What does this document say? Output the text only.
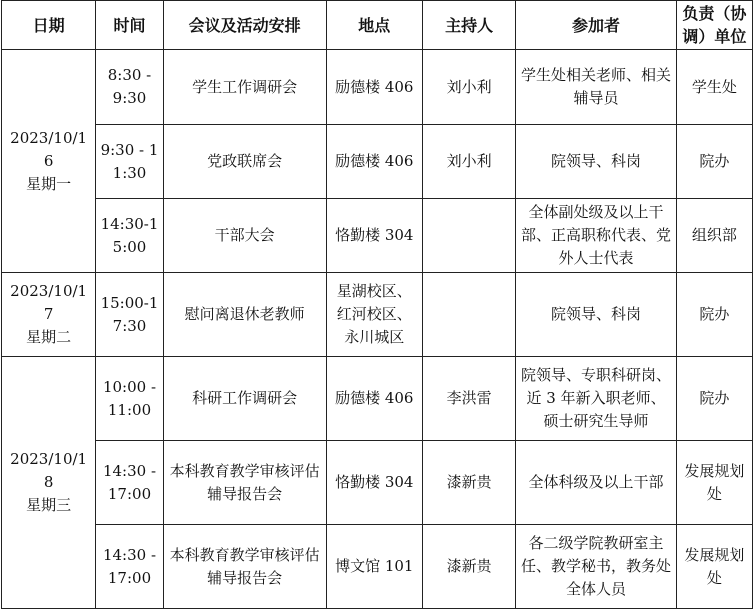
日期	时间	会议及活动安排	地点	主持人	参加者	负责（协调）单位

2023/10/16
星期一	8:30 - 9:30	学生工作调研会	励德楼 406	刘小利	学生处相关老师、相关辅导员	学生处
	9:30 - 11:30	党政联席会	励德楼 406	刘小利	院领导、科岗	院办
	14:30-15:00	干部大会	恪勤楼 304		全体副处级及以上干部、正高职称代表、党外人士代表	组织部

2023/10/17
星期二	15:00-17:30	慰问离退休老教师	星湖校区、红河校区、永川城区		院领导、科岗	院办

2023/10/18
星期三	10:00 - 11:00	科研工作调研会	励德楼 406	李洪雷	院领导、专职科研岗、近 3 年新入职老师、硕士研究生导师	院办
	14:30 - 17:00	本科教育教学审核评估辅导报告会	恪勤楼 304	漆新贵	全体科级及以上干部	发展规划处
	14:30 - 17:00	本科教育教学审核评估辅导报告会	博文馆 101	漆新贵	各二级学院教研室主任、教学秘书，教务处全体人员	发展规划处
